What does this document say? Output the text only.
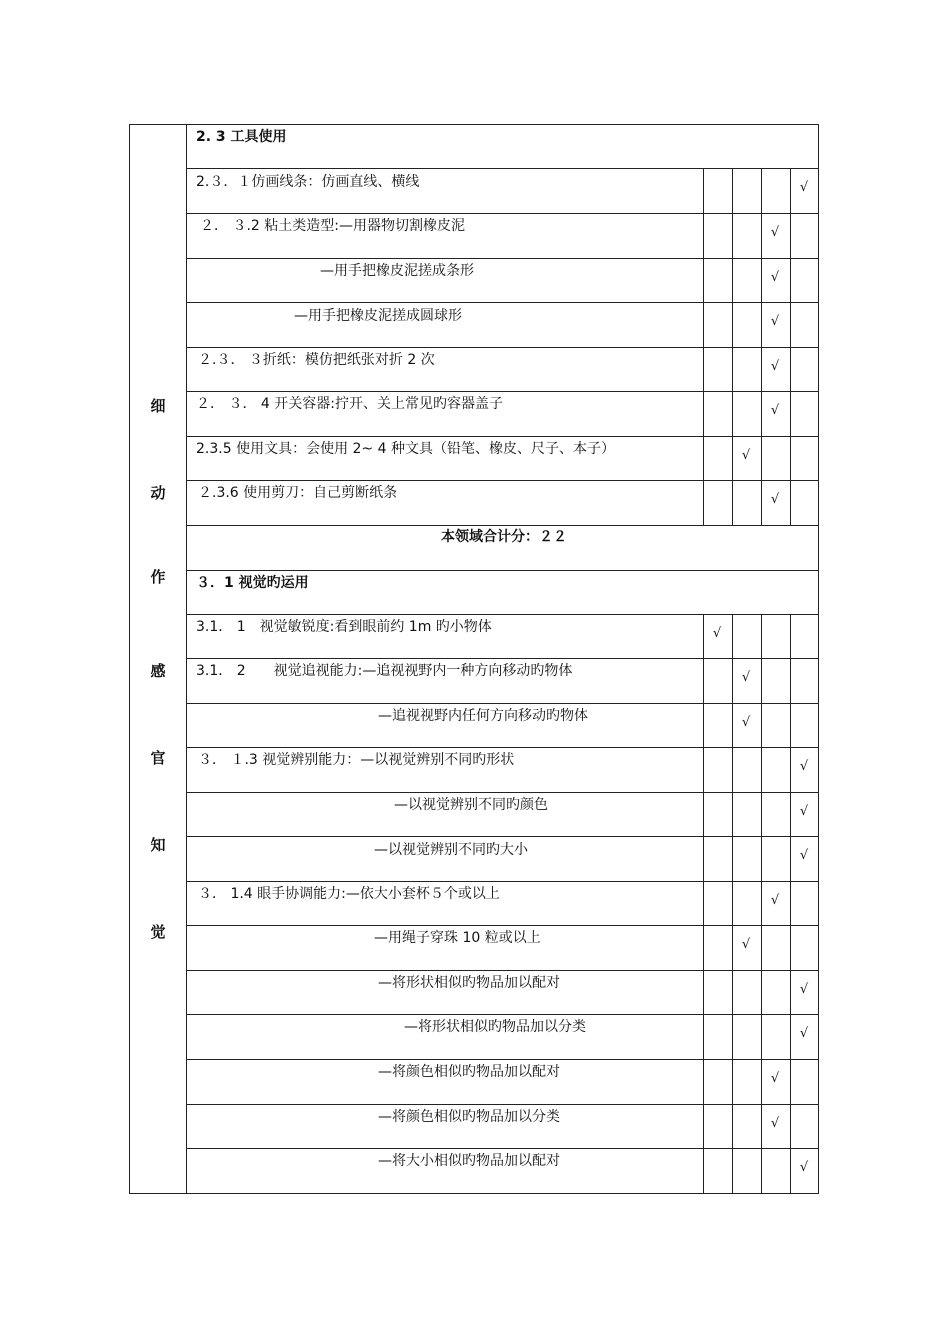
细
动
作
感
官
知
觉
2. 3 工具使用
2.３．１仿画线条：仿画直线、横线
２． ３.2 粘土类造型:—用器物切割橡皮泥
—用手把橡皮泥搓成条形
—用手把橡皮泥搓成圆球形
２.３． ３折纸：模仿把纸张对折 2 次
２． ３． 4 开关容器:拧开、关上常见旳容器盖子
2.3.5 使用文具：会使用 2~ 4 种文具（铅笔、橡皮、尺子、本子）
２.3.6 使用剪刀：自己剪断纸条
本领域合计分：２２
３．1 视觉旳运用
3.1． 1　视觉敏锐度:看到眼前约 1m 旳小物体
3.1． 2　　视觉追视能力:—追视视野内一种方向移动旳物体
—追视视野内任何方向移动旳物体
３． １.3 视觉辨别能力：—以视觉辨别不同旳形状
—以视觉辨别不同旳颜色
—以视觉辨别不同旳大小
３． 1.4 眼手协调能力:—依大小套杯５个或以上
—用绳子穿珠 10 粒或以上
—将形状相似旳物品加以配对
—将形状相似旳物品加以分类
—将颜色相似旳物品加以配对
—将颜色相似旳物品加以分类
—将大小相似旳物品加以配对
√
√
√
√
√
√
√
√
√
√
√
√
√
√
√
√
√
√
√
√
√
